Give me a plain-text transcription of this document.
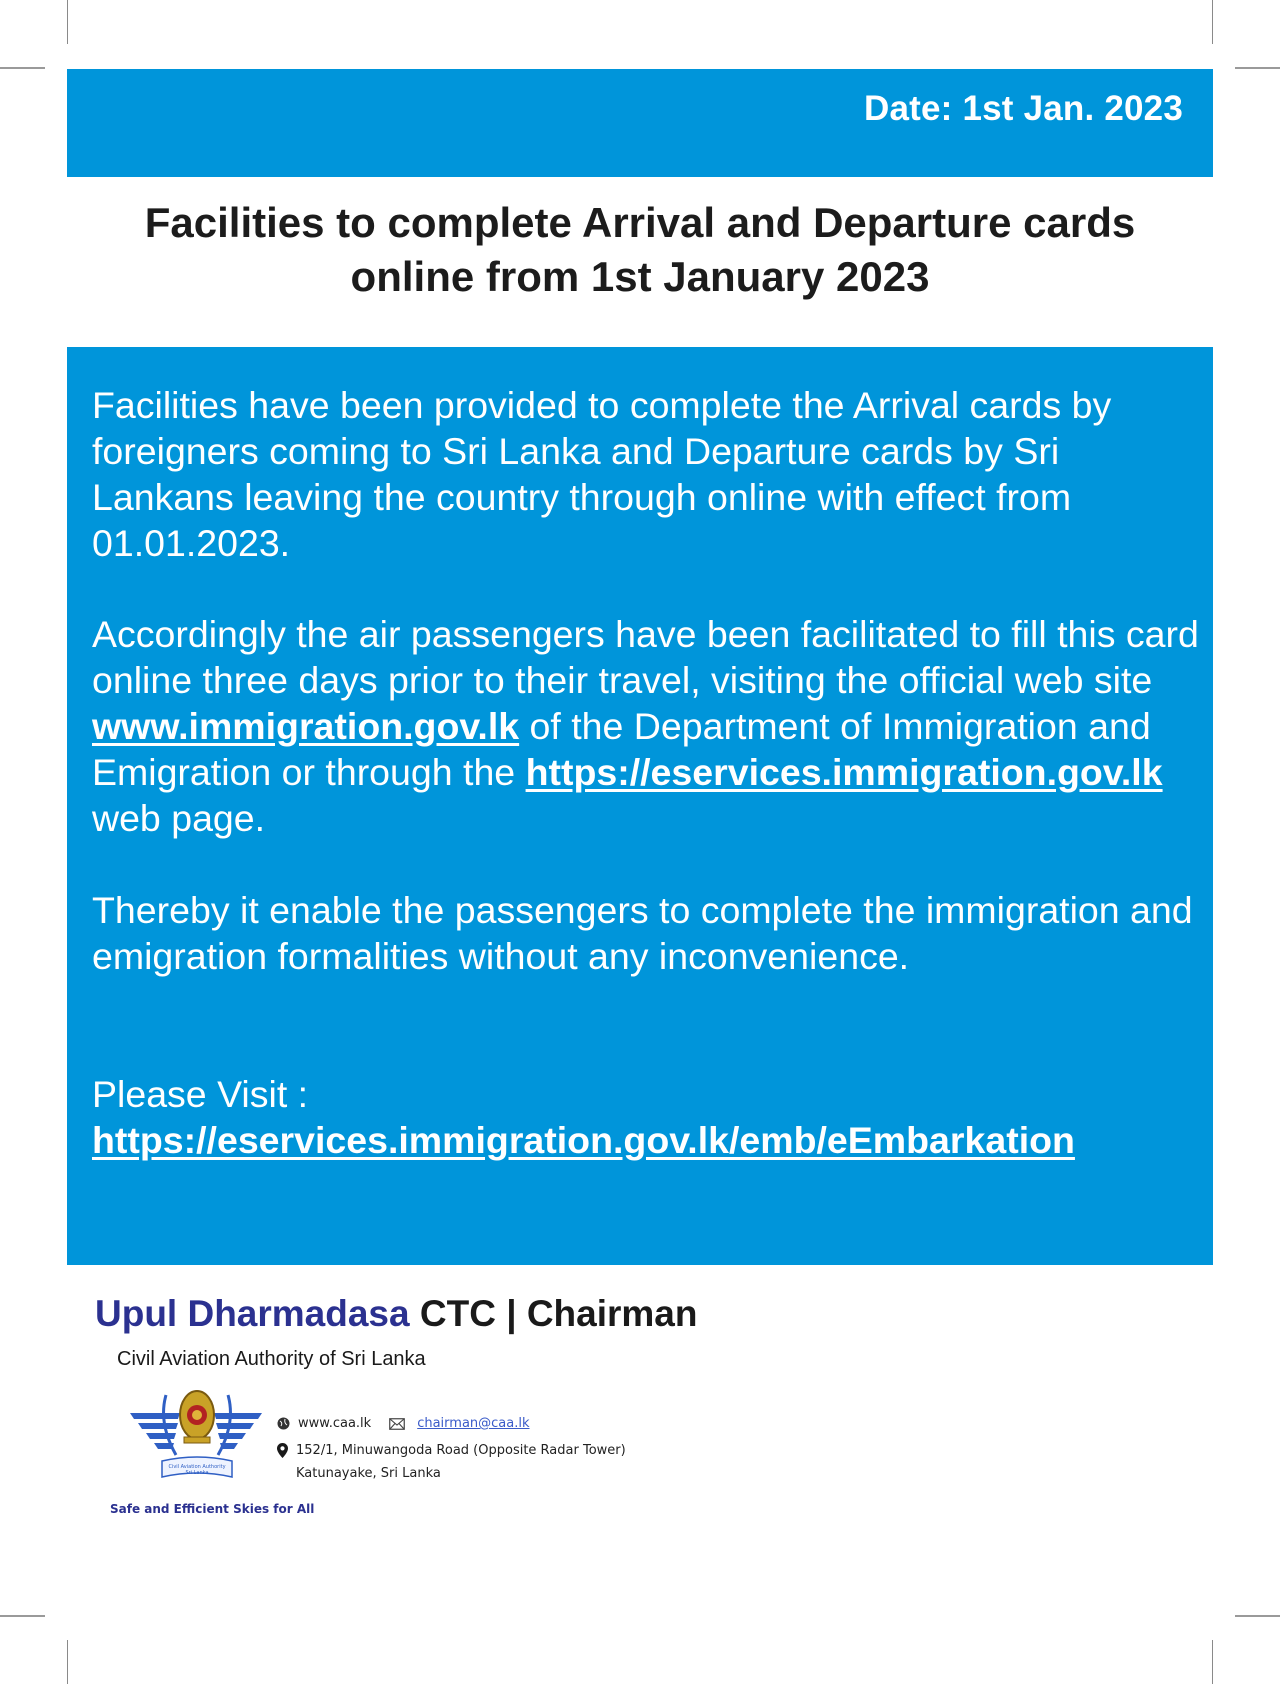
Date: 1st Jan. 2023
Facilities to complete Arrival and Departure cards
online from 1st January 2023
Facilities have been provided to complete the Arrival cards by foreigners coming to Sri Lanka and Departure cards by Sri Lankans leaving the country through online with effect from 01.01.2023.
Accordingly the air passengers have been facilitated to fill this card online three days prior to their travel, visiting the official web site www.immigration.gov.lk of the Department of Immigration and Emigration or through the https://eservices.immigration.gov.lk web page.
Thereby it enable the passengers to complete the immigration and emigration formalities without any inconvenience.
Please Visit :
https://eservices.immigration.gov.lk/emb/eEmbarkation
Upul Dharmadasa CTC | Chairman
Civil Aviation Authority of Sri Lanka
Civil Aviation Authority
Sri Lanka
www.caa.lk	chairman@caa.lk
152/1, Minuwangoda Road (Opposite Radar Tower)
Katunayake, Sri Lanka
Safe and Efficient Skies for All
